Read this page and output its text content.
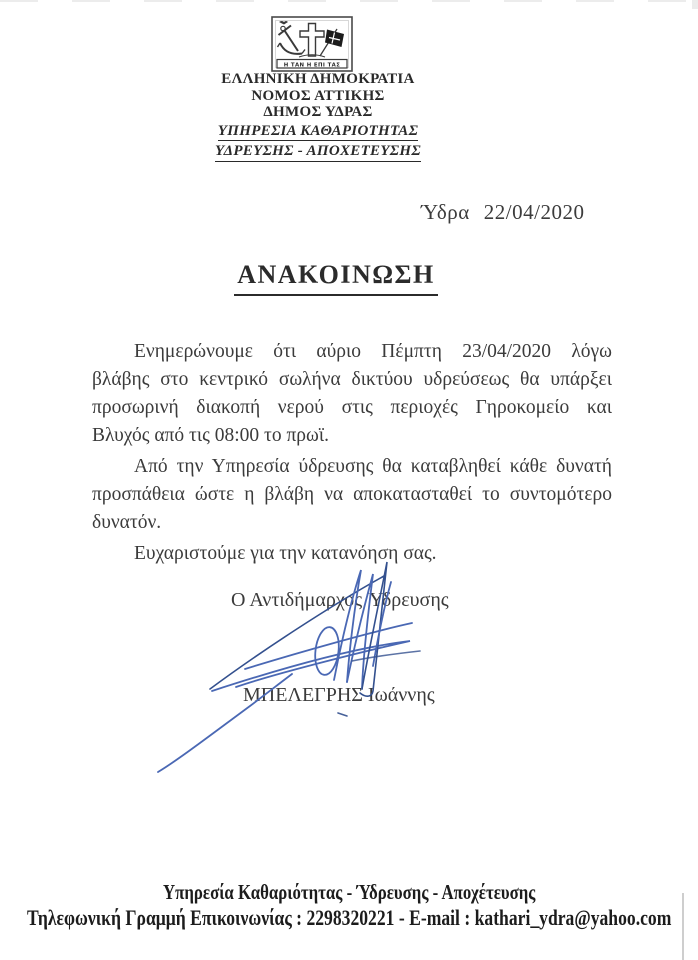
Η ΤΑΝ Η ΕΠΙ ΤΑΣ
ΕΛΛΗΝΙΚΗ ΔΗΜΟΚΡΑΤΙΑ
ΝΟΜΟΣ ΑΤΤΙΚΗΣ
ΔΗΜΟΣ ΥΔΡΑΣ
ΥΠΗΡΕΣΙΑ ΚΑΘΑΡΙΟΤΗΤΑΣ
ΥΔΡΕΥΣΗΣ - ΑΠΟΧΕΤΕΥΣΗΣ
Ύδρα 22/04/2020
ΑΝΑΚΟΙΝΩΣΗ
Ενημερώνουμε ότι αύριο Πέμπτη 23/04/2020 λόγω
βλάβης στο κεντρικό σωλήνα δικτύου υδρεύσεως θα υπάρξει
προσωρινή διακοπή νερού στις περιοχές Γηροκομείο και
Βλυχός από τις 08:00 το πρωϊ.
Από την Υπηρεσία ύδρευσης θα καταβληθεί κάθε δυνατή
προσπάθεια ώστε η βλάβη να αποκατασταθεί το συντομότερο
δυνατόν.
Ευχαριστούμε για την κατανόηση σας.
Ο Αντιδήμαρχος Ύδρευσης
ΜΠΕΛΕΓΡΗΣ Ιωάννης
Υπηρεσία Καθαριότητας - Ύδρευσης - Αποχέτευσης
Τηλεφωνική Γραμμή Επικοινωνίας : 2298320221 - E-mail : kathari_ydra@yahoo.com
